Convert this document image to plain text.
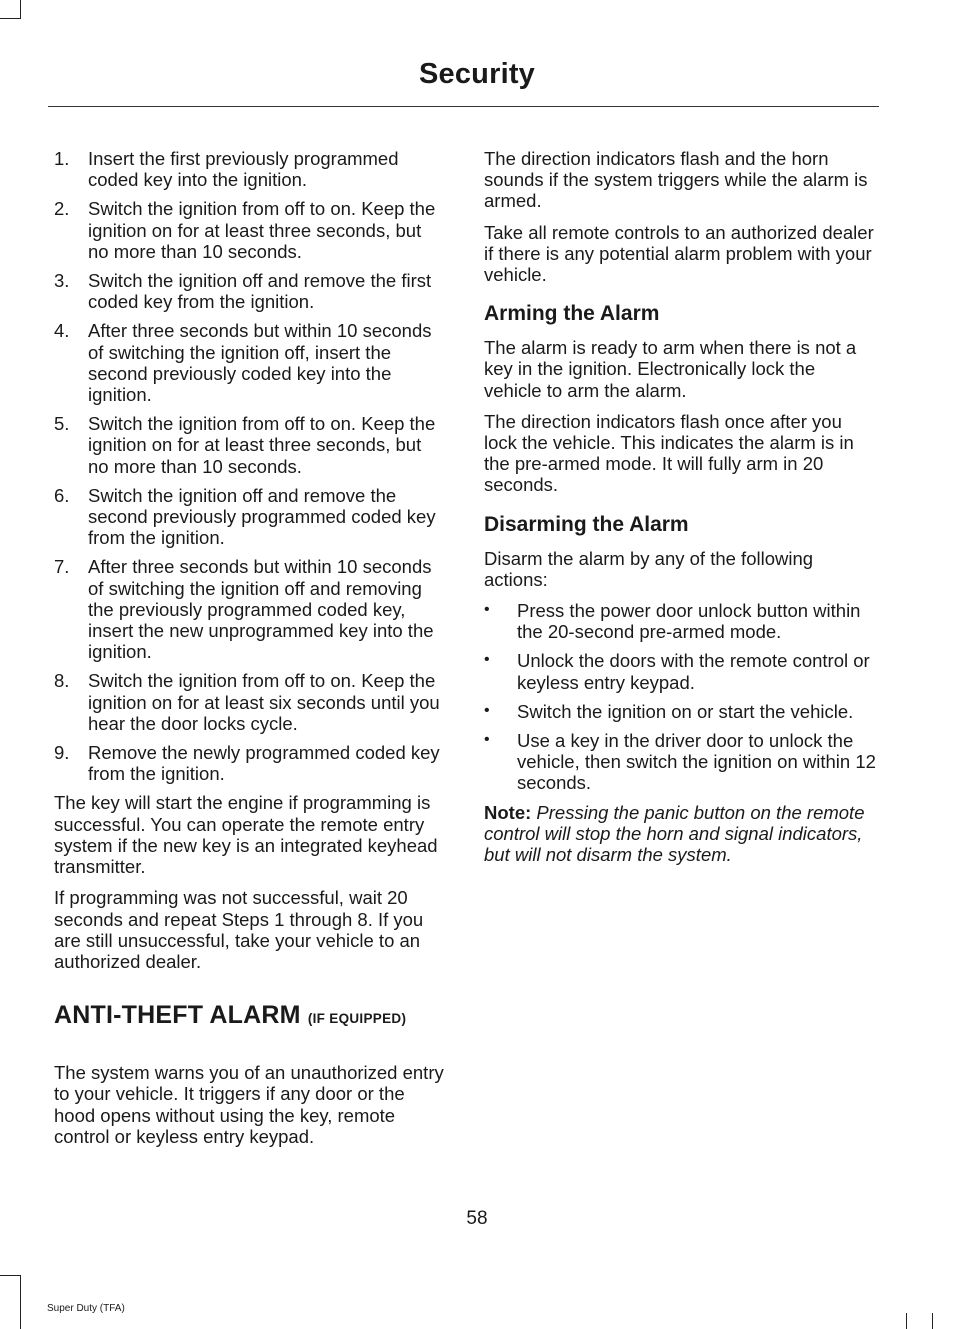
Security
1. Insert the first previously programmed coded key into the ignition.
2. Switch the ignition from off to on. Keep the ignition on for at least three seconds, but no more than 10 seconds.
3. Switch the ignition off and remove the first coded key from the ignition.
4. After three seconds but within 10 seconds of switching the ignition off, insert the second previously coded key into the ignition.
5. Switch the ignition from off to on. Keep the ignition on for at least three seconds, but no more than 10 seconds.
6. Switch the ignition off and remove the second previously programmed coded key from the ignition.
7. After three seconds but within 10 seconds of switching the ignition off and removing the previously programmed coded key, insert the new unprogrammed key into the ignition.
8. Switch the ignition from off to on. Keep the ignition on for at least six seconds until you hear the door locks cycle.
9. Remove the newly programmed coded key from the ignition.

The key will start the engine if programming is successful. You can operate the remote entry system if the new key is an integrated keyhead transmitter.

If programming was not successful, wait 20 seconds and repeat Steps 1 through 8. If you are still unsuccessful, take your vehicle to an authorized dealer.

ANTI-THEFT ALARM (IF EQUIPPED)

The system warns you of an unauthorized entry to your vehicle. It triggers if any door or the hood opens without using the key, remote control or keyless entry keypad.

The direction indicators flash and the horn sounds if the system triggers while the alarm is armed.

Take all remote controls to an authorized dealer if there is any potential alarm problem with your vehicle.

Arming the Alarm

The alarm is ready to arm when there is not a key in the ignition. Electronically lock the vehicle to arm the alarm.

The direction indicators flash once after you lock the vehicle. This indicates the alarm is in the pre-armed mode. It will fully arm in 20 seconds.

Disarming the Alarm

Disarm the alarm by any of the following actions:

• Press the power door unlock button within the 20-second pre-armed mode.
• Unlock the doors with the remote control or keyless entry keypad.
• Switch the ignition on or start the vehicle.
• Use a key in the driver door to unlock the vehicle, then switch the ignition on within 12 seconds.

Note: Pressing the panic button on the remote control will stop the horn and signal indicators, but will not disarm the system.

58
Super Duty (TFA)
